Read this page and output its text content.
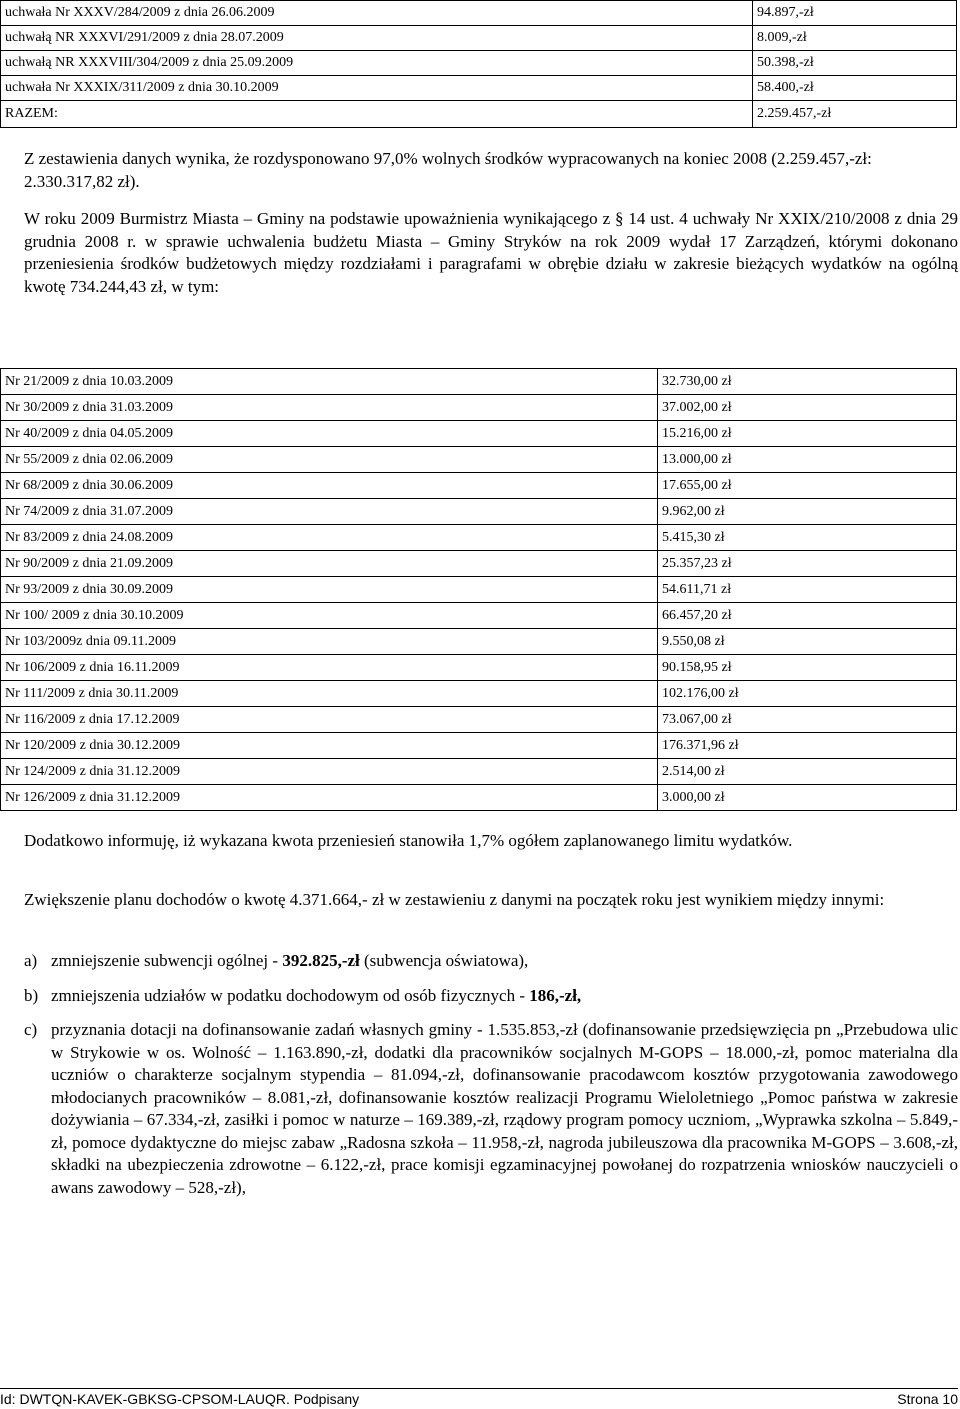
uchwała Nr XXXV/284/2009 z dnia 26.06.2009	94.897,-zł
uchwałą NR XXXVI/291/2009 z dnia 28.07.2009	8.009,-zł
uchwałą NR XXXVIII/304/2009 z dnia 25.09.2009	50.398,-zł
uchwała Nr XXXIX/311/2009 z dnia 30.10.2009	58.400,-zł
RAZEM:	2.259.457,-zł

Z zestawienia danych wynika, że rozdysponowano 97,0% wolnych środków wypracowanych na koniec 2008 (2.259.457,-zł: 2.330.317,82 zł).

W roku 2009 Burmistrz Miasta – Gminy na podstawie upoważnienia wynikającego z § 14 ust. 4 uchwały Nr XXIX/210/2008 z dnia 29 grudnia 2008 r. w sprawie uchwalenia budżetu Miasta – Gminy Stryków na rok 2009 wydał 17 Zarządzeń, którymi dokonano przeniesienia środków budżetowych między rozdziałami i paragrafami w obrębie działu w zakresie bieżących wydatków na ogólną kwotę 734.244,43 zł, w tym:

Nr 21/2009 z dnia 10.03.2009	32.730,00 zł
Nr 30/2009 z dnia 31.03.2009	37.002,00 zł
Nr 40/2009 z dnia 04.05.2009	15.216,00 zł
Nr 55/2009 z dnia 02.06.2009	13.000,00 zł
Nr 68/2009 z dnia 30.06.2009	17.655,00 zł
Nr 74/2009 z dnia 31.07.2009	9.962,00 zł
Nr 83/2009 z dnia 24.08.2009	5.415,30 zł
Nr 90/2009 z dnia 21.09.2009	25.357,23 zł
Nr 93/2009 z dnia 30.09.2009	54.611,71 zł
Nr 100/ 2009 z dnia 30.10.2009	66.457,20 zł
Nr 103/2009z dnia 09.11.2009	9.550,08 zł
Nr 106/2009 z dnia 16.11.2009	90.158,95 zł
Nr 111/2009 z dnia 30.11.2009	102.176,00 zł
Nr 116/2009 z dnia 17.12.2009	73.067,00 zł
Nr 120/2009 z dnia 30.12.2009	176.371,96 zł
Nr 124/2009 z dnia 31.12.2009	2.514,00 zł
Nr 126/2009 z dnia 31.12.2009	3.000,00 zł

Dodatkowo informuję, iż wykazana kwota przeniesień stanowiła 1,7% ogółem zaplanowanego limitu wydatków.

Zwiększenie planu dochodów o kwotę 4.371.664,- zł w zestawieniu z danymi na początek roku jest wynikiem między innymi:

a) zmniejszenie subwencji ogólnej - 392.825,-zł (subwencja oświatowa),
b) zmniejszenia udziałów w podatku dochodowym od osób fizycznych - 186,-zł,
c) przyznania dotacji na dofinansowanie zadań własnych gminy - 1.535.853,-zł (dofinansowanie przedsięwzięcia pn „Przebudowa ulic w Strykowie w os. Wolność – 1.163.890,-zł, dodatki dla pracowników socjalnych M-GOPS – 18.000,-zł, pomoc materialna dla uczniów o charakterze socjalnym stypendia – 81.094,-zł, dofinansowanie pracodawcom kosztów przygotowania zawodowego młodocianych pracowników – 8.081,-zł, dofinansowanie kosztów realizacji Programu Wieloletniego „Pomoc państwa w zakresie dożywiania – 67.334,-zł, zasiłki i pomoc w naturze – 169.389,-zł, rządowy program pomocy uczniom, „Wyprawka szkolna – 5.849,-zł, pomoce dydaktyczne do miejsc zabaw „Radosna szkoła – 11.958,-zł, nagroda jubileuszowa dla pracownika M-GOPS – 3.608,-zł, składki na ubezpieczenia zdrowotne – 6.122,-zł, prace komisji egzaminacyjnej powołanej do rozpatrzenia wniosków nauczycieli o awans zawodowy – 528,-zł),
Id: DWTQN-KAVEK-GBKSG-CPSOM-LAUQR. Podpisany	Strona 10
